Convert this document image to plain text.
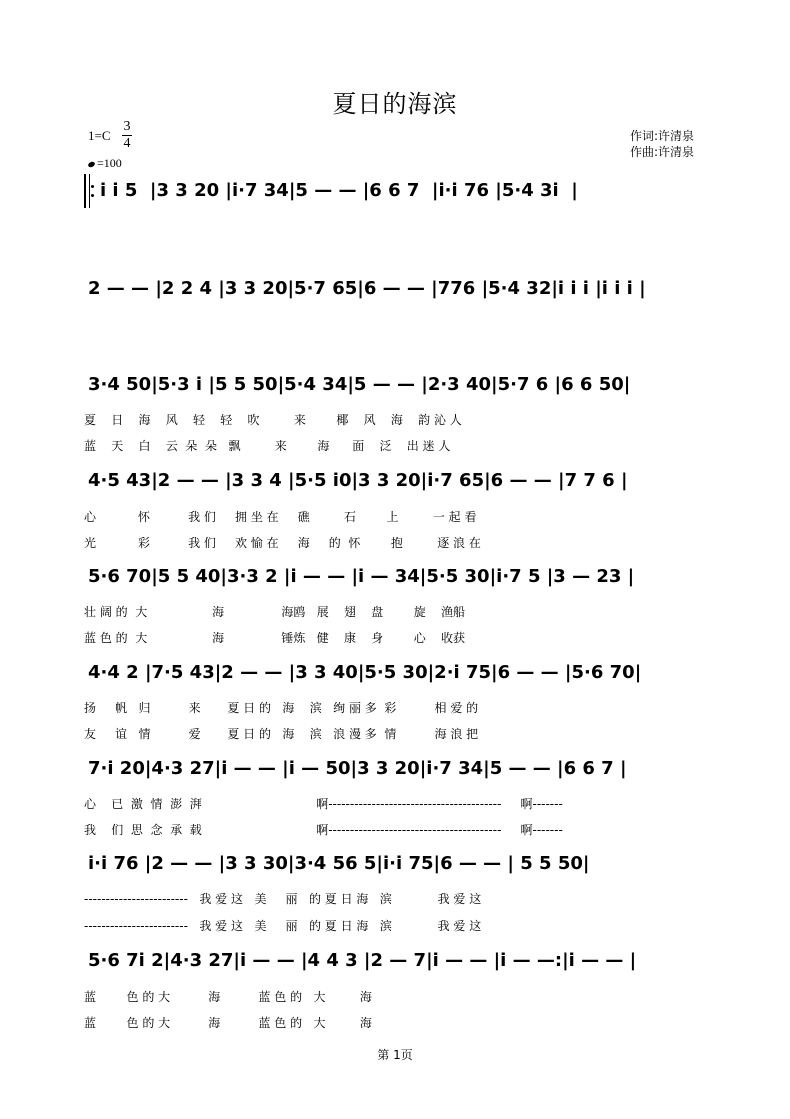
夏日的海滨
1=C
3
4
=100
作词:许清泉
作曲:许清泉
i i 5  |3 3 20 |i·7 34|5 — — |6 6 7  |i·i 76 |5·4 3i  |
2 — — |2 2 4 |3 3 20|5·7 65|6 — — |776 |5·4 32|i i i |i i i |
3·4 50|5·3 i |5 5 50|5·4 34|5 — — |2·3 40|5·7 6 |6 6 50|
夏    日    海    风    轻    轻    吹         来        椰    风    海    韵 沁 人
蓝    天    白    云  朵  朵   飘         来        海      面    泛    出 迷 人
4·5 43|2 — — |3 3 4 |5·5 i0|3 3 20|i·7 65|6 — — |7 7 6 |
心           怀          我 们     拥 坐 在     礁         石        上         一 起 看
光           彩          我 们     欢 愉 在     海     的  怀        抱         逐 浪 在
5·6 70|5 5 40|3·3 2 |i — — |i — 34|5·5 30|i·7 5 |3 — 23 |
壮 阔 的  大                 海               海鸥   展    翅    盘        旋    渔船
蓝 色 的  大                 海               锤炼   健    康    身        心    收获
4·4 2 |7·5 43|2 — — |3 3 40|5·5 30|2·i 75|6 — — |5·6 70|
扬     帆   归          来       夏 日 的   海    滨   绚 丽 多  彩          相 爱 的
友     谊   情          爱       夏 日 的   海    滨   浪 漫 多  情          海 浪 把
7·i 20|4·3 27|i — — |i — 50|3 3 20|i·7 34|5 — — |6 6 7 |
心    已  激  情  澎  湃                              啊----------------------------------------     啊-------
我    们  思  念  承  载                              啊----------------------------------------     啊-------
i·i 76 |2 — — |3 3 30|3·4 56 5|i·i 75|6 — — | 5 5 50|
------------------------   我 爱 这   美     丽   的 夏 日 海   滨            我 爱 这
------------------------   我 爱 这   美     丽   的 夏 日 海   滨            我 爱 这
5·6 7i 2|4·3 27|i — — |4 4 3 |2 — 7|i — — |i — —:|i — — |
蓝        色 的 大          海          蓝 色 的   大         海
蓝        色 的 大          海          蓝 色 的   大         海
第 1页
